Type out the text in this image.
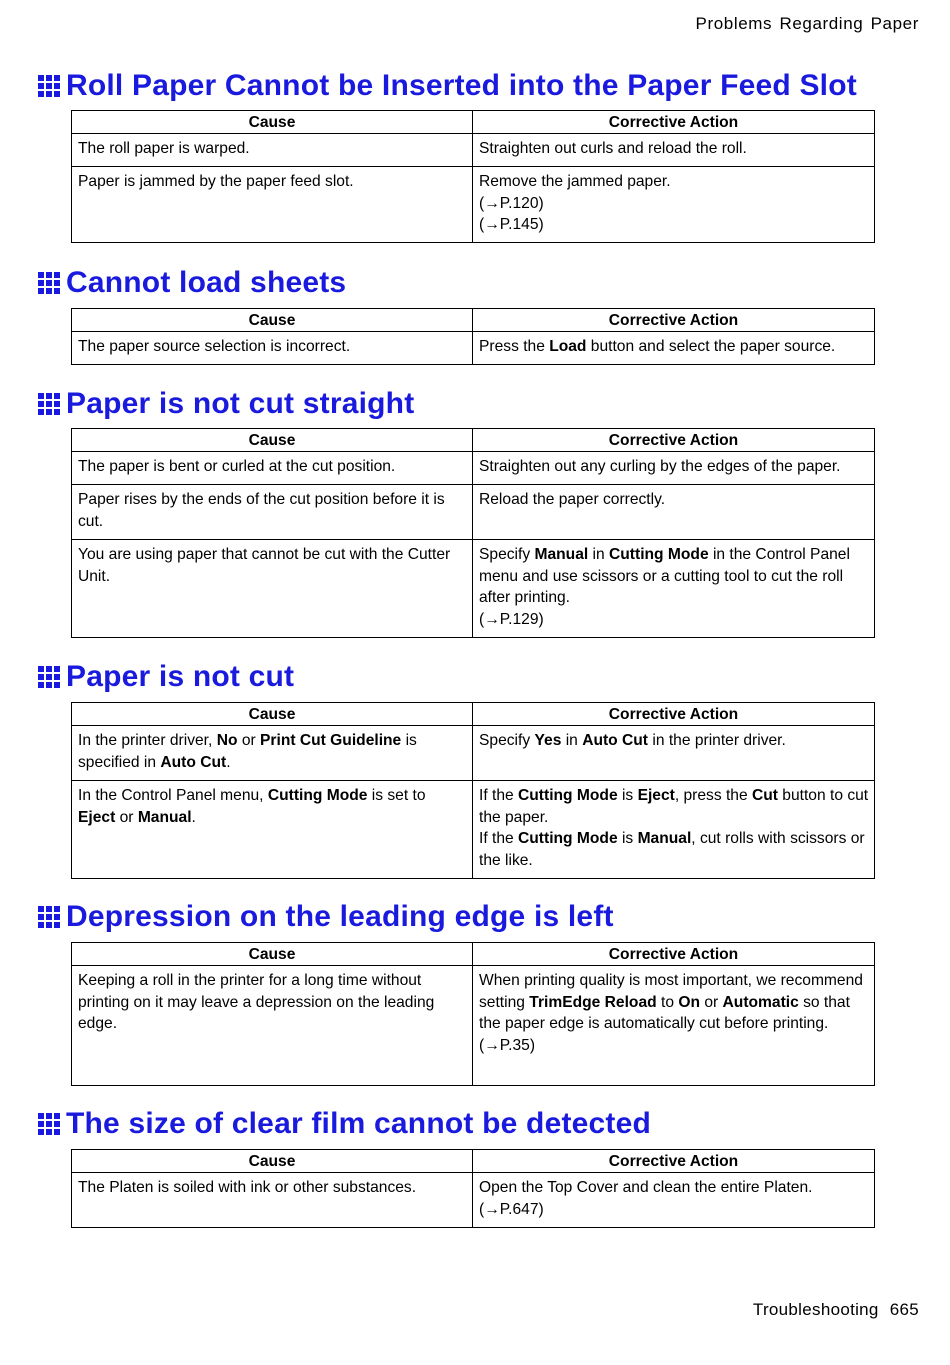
Problems Regarding Paper
Roll Paper Cannot be Inserted into the Paper Feed Slot
Cause	Corrective Action
The roll paper is warped.	Straighten out curls and reload the roll.
Paper is jammed by the paper feed slot.	Remove the jammed paper.
(→P.120)
(→P.145)
Cannot load sheets
Cause	Corrective Action
The paper source selection is incorrect.	Press the Load button and select the paper source.
Paper is not cut straight
Cause	Corrective Action
The paper is bent or curled at the cut position.	Straighten out any curling by the edges of the paper.
Paper rises by the ends of the cut position before it is cut.	Reload the paper correctly.
You are using paper that cannot be cut with the Cutter Unit.	Specify Manual in Cutting Mode in the Control Panel menu and use scissors or a cutting tool to cut the roll after printing.
(→P.129)
Paper is not cut
Cause	Corrective Action
In the printer driver, No or Print Cut Guideline is specified in Auto Cut.	Specify Yes in Auto Cut in the printer driver.
In the Control Panel menu, Cutting Mode is set to Eject or Manual.	If the Cutting Mode is Eject, press the Cut button to cut the paper.
If the Cutting Mode is Manual, cut rolls with scissors or the like.
Depression on the leading edge is left
Cause	Corrective Action
Keeping a roll in the printer for a long time without printing on it may leave a depression on the leading edge.	When printing quality is most important, we recommend setting TrimEdge Reload to On or Automatic so that the paper edge is automatically cut before printing.
(→P.35)
The size of clear film cannot be detected
Cause	Corrective Action
The Platen is soiled with ink or other substances.	Open the Top Cover and clean the entire Platen.
(→P.647)
Troubleshooting 665
